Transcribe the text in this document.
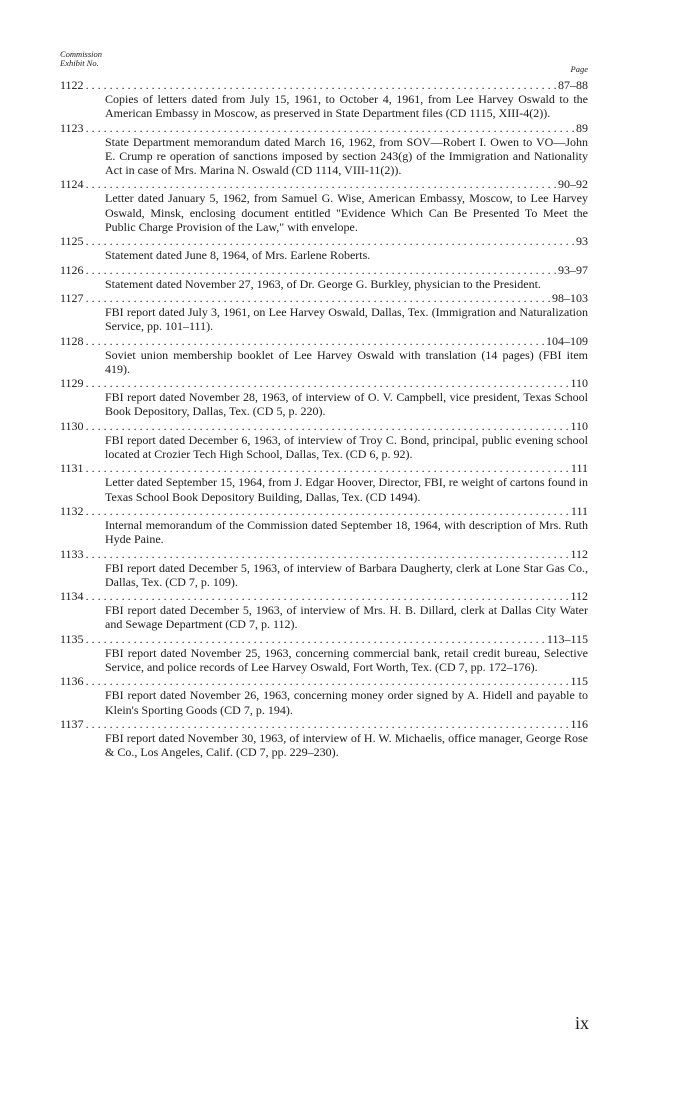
Commission
Exhibit No.
Page
1122 . . .	87–88
Copies of letters dated from July 15, 1961, to October 4, 1961, from Lee Harvey Oswald to the American Embassy in Moscow, as preserved in State Department files (CD 1115, XIII-4(2)).
1123 . . .	89
State Department memorandum dated March 16, 1962, from SOV—Robert I. Owen to VO—John E. Crump re operation of sanctions imposed by section 243(g) of the Immigration and Nationality Act in case of Mrs. Marina N. Oswald (CD 1114, VIII-11(2)).
1124 . . .	90–92
Letter dated January 5, 1962, from Samuel G. Wise, American Embassy, Moscow, to Lee Harvey Oswald, Minsk, enclosing document entitled "Evidence Which Can Be Presented To Meet the Public Charge Provision of the Law," with envelope.
1125 . . .	93
Statement dated June 8, 1964, of Mrs. Earlene Roberts.
1126 . . .	93–97
Statement dated November 27, 1963, of Dr. George G. Burkley, physician to the President.
1127 . . .	98–103
FBI report dated July 3, 1961, on Lee Harvey Oswald, Dallas, Tex. (Immigration and Naturalization Service, pp. 101–111).
1128 . . .	104–109
Soviet union membership booklet of Lee Harvey Oswald with translation (14 pages) (FBI item 419).
1129 . . .	110
FBI report dated November 28, 1963, of interview of O. V. Campbell, vice president, Texas School Book Depository, Dallas, Tex. (CD 5, p. 220).
1130 . . .	110
FBI report dated December 6, 1963, of interview of Troy C. Bond, principal, public evening school located at Crozier Tech High School, Dallas, Tex. (CD 6, p. 92).
1131 . . .	111
Letter dated September 15, 1964, from J. Edgar Hoover, Director, FBI, re weight of cartons found in Texas School Book Depository Building, Dallas, Tex. (CD 1494).
1132 . . .	111
Internal memorandum of the Commission dated September 18, 1964, with description of Mrs. Ruth Hyde Paine.
1133 . . .	112
FBI report dated December 5, 1963, of interview of Barbara Daugherty, clerk at Lone Star Gas Co., Dallas, Tex. (CD 7, p. 109).
1134 . . .	112
FBI report dated December 5, 1963, of interview of Mrs. H. B. Dillard, clerk at Dallas City Water and Sewage Department (CD 7, p. 112).
1135 . . .	113–115
FBI report dated November 25, 1963, concerning commercial bank, retail credit bureau, Selective Service, and police records of Lee Harvey Oswald, Fort Worth, Tex. (CD 7, pp. 172–176).
1136 . . .	115
FBI report dated November 26, 1963, concerning money order signed by A. Hidell and payable to Klein's Sporting Goods (CD 7, p. 194).
1137 . . .	116
FBI report dated November 30, 1963, of interview of H. W. Michaelis, office manager, George Rose & Co., Los Angeles, Calif. (CD 7, pp. 229–230).
ix
